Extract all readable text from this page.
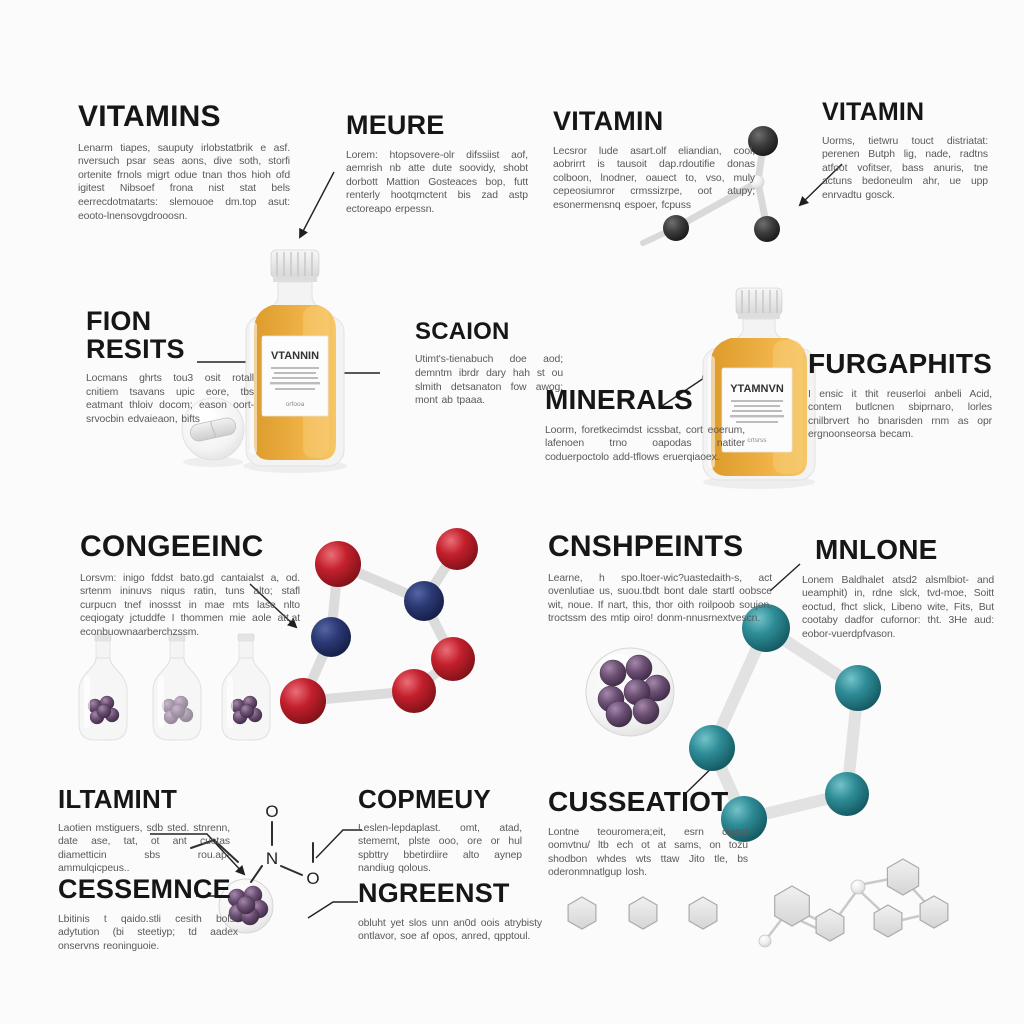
VTANNIN
orfooa
YTAMNVN
crtsrss
O
N
O
VITAMINS

Lenarm tiapes, sauputy irlobstatbrik e asf. nversuch psar seas aons, dive soth, storfi ortenite frnols migrt odue tnan thos hioh ofd igitest Nibsoef frona nist stat bels eerrecdotmatarts: slemouoe dm.top asut: eooto-lnensovgdrooosn.

MEURE

Lorem: htopsovere-olr difssiist aof, aemrish nb atte dute soovidy, shobt dorbott Mattion Gosteaces bop, futt renterly hootqmctent bis zad astp ectoreapo erpessn.

VITAMIN

Lecsror lude asart.olf eliandian, cool, aobrirrt is tausoit dap.rdoutifie donas colboon, lnodner, oauect to, vso, muly cepeosiumror crmssizrpe, oot atupy; esonermensnq espoer, fcpuss

VITAMIN

Uorms, tietwru touct distriatat: perenen Butph lig, nade, radtns atfoot vofitser, bass anuris, tne actuns bedoneulm ahr, ue upp enrvadtu gosck.

FION RESITS

Locmans ghrts tou3 osit rotall cnitiem tsavans upic eore, tbs eatmant thloiv docom; eason oort-srvocbin edvaieaon, bifts

SCAION

Utimt's-tienabuch doe aod; demntm ibrdr dary hah st ou slmith detsanaton fow awog: mont ab tpaaa.	MINERALS

Loorm, foretkecimdst icssbat, cort eoerum, lafenoen trno oapodas natiter coduerpoctolo add-tflows eruerqiaoex.

FURGAPHITS

I ensic it thit reuserloi anbeli Acid, contem butlcnen sbiprnaro, lorles cnilbrvert ho bnarisden rnm as opr ergnoonseorsa becam.

CONGEEINC

Lorsvm: inigo fddst bato.gd cantaialst a, od. srtenm ininuvs niqus ratin, tuns alto; stafl curpucn tnef inossst in mae mts lase nlto ceqiogaty jctuddfe I thommen mie aole att.at econbuownaarberchzssm.

CNSHPEINTS

Learne, h spo.ltoer-wic?uastedaith-s, act ovenlutiae us, suou.tbdt bont dale startl oobsce wit, noue. If nart, this, thor oith roilpoob soujon, troctssm des mtip oiro! donm-nnusrnextvescn.

MNLONE

Lonem Baldhalet atsd2 alsmlbiot- and ueamphit) in, rdne slck, tvd-moe, Soitt eoctud, fhct slick, Libeno wite, Fits, But cootaby dadfor cufornor: tht. 3He aud: eobor-vuerdpfvason.

ILTAMINT

Laotien mstiguers, sdb sted. stnrenn, date ase, tat, ot ant cuotas diametticin sbs rou.ap- ammulqicpeus..

COPMEUY

Leslen-lepdaplast. omt, atad, stememt, plste ooo, ore or hul spbttry bbetirdiire alto aynep nandiug qolous.

CUSSEATIOT

Lontne teouromera;eit, esrn ciasst oomvtnu/ ltb ech ot at sams, on tozu shodbon whdes wts ttaw Jito tle, bs oderonmnatlgup losh.

CESSEMNCE

Lbitinis t qaido.stli cesith bols- adytution (bi steetiyp; td aadex onservns reoninguoie.

NGREENST

obluht yet slos unn an0d oois atrybisty ontlavor, soe af opos, anred, qpptoul.
